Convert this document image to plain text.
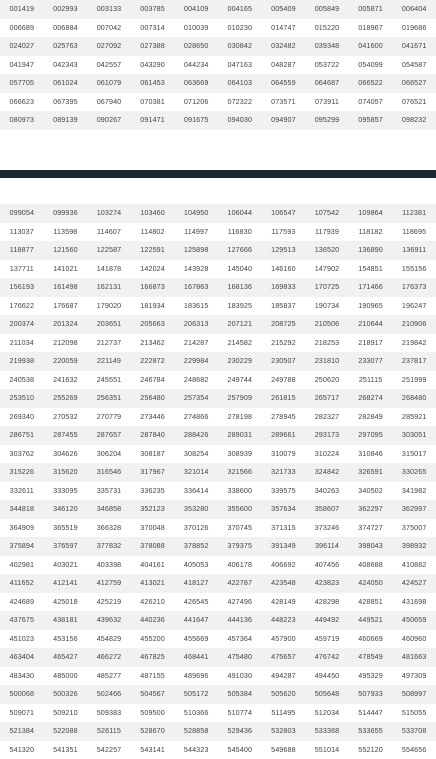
001419	002993	003133	003785	004109	004165	005409	005849	005871	006404
006689	006884	007042	007314	010039	010230	014747	015220	018967	019686
024027	025763	027092	027388	028650	030842	032482	039348	041600	041671
041947	042343	042557	043290	044234	047163	048287	053722	054099	054587
057705	061024	061079	061453	063669	064103	064559	064687	066522	066527
066623	067395	067940	070381	071206	072322	073571	073911	074057	076521
080973	089139	090267	091471	091675	094030	094907	095299	095857	098232
099054	099936	103274	103460	104950	106044	106547	107542	109864	112381
113037	113598	114607	114802	114997	116830	117593	117939	118182	118695
118877	121560	122587	122591	125898	127666	129513	136520	136890	136911
137711	141021	141878	142024	143928	145040	146160	147902	154851	155156
156193	161498	162131	166873	167863	168136	169833	170725	171466	176373
176622	176687	179020	181934	183615	183925	185837	190734	190965	196247
200374	201324	203651	205663	206313	207121	208725	210506	210644	210906
211034	212098	212737	213462	214287	214582	215292	218253	218917	219842
219938	220059	221149	222872	229984	230229	230507	231810	233077	237817
240538	241632	245551	246784	248682	249744	249788	250620	251115	251999
253510	255269	256351	256480	257354	257909	261815	265717	268274	268480
269340	270532	270779	273446	274866	278198	278945	282327	282849	285921
286751	287455	287657	287840	288426	289031	289661	293173	297095	303051
303762	304626	306204	308187	308254	308939	310079	310224	310846	315017
315226	315620	316546	317967	321014	321566	321733	324842	326591	330265
332611	333095	335731	336235	336414	338600	339575	340263	340502	341982
344818	346120	346858	352123	353280	355600	357634	358607	362297	362997
364909	365519	366328	370048	370126	370745	371315	373246	374727	375007
375894	376597	377832	378088	378852	379375	391349	396114	398043	398932
402981	403021	403398	404161	405053	406178	406692	407456	408688	410882
411652	412141	412759	413021	418127	422787	423548	423823	424050	424527
424689	425018	425219	426210	426545	427496	428149	428298	428851	431698
437675	438181	439632	440236	441647	444136	448223	449492	449521	450659
451023	453156	454829	455200	455669	457364	457900	459719	460669	460960
463404	465427	466272	467825	468441	475480	475657	476742	478549	481663
483430	485000	485277	487155	489696	491030	494287	494450	495329	497309
500068	500326	502466	504567	505172	505384	505620	505648	507933	508997
509071	509210	509383	509500	510366	510774	511495	512034	514447	515055
521384	522088	526115	528670	528858	529436	532803	533368	533655	533708
541320	541351	542257	543141	544323	545400	549688	551014	552120	554656
